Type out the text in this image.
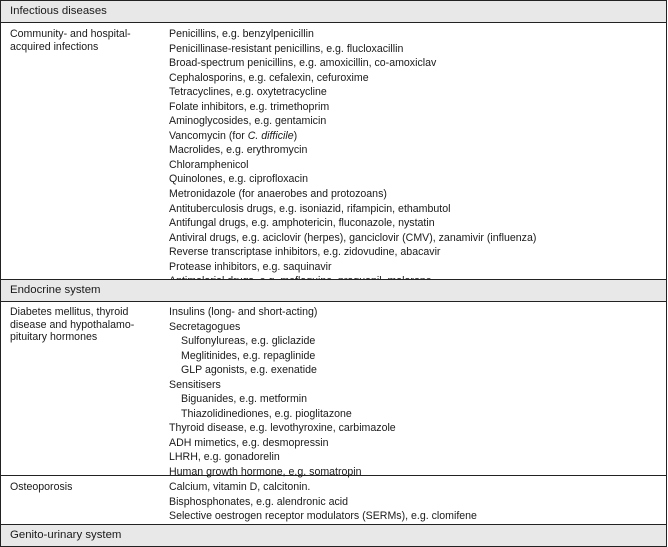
Infectious diseases
Community- and hospital-acquired infections
Penicillins, e.g. benzylpenicillin
Penicillinase-resistant penicillins, e.g. flucloxacillin
Broad-spectrum penicillins, e.g. amoxicillin, co-amoxiclav
Cephalosporins, e.g. cefalexin, cefuroxime
Tetracyclines, e.g. oxytetracycline
Folate inhibitors, e.g. trimethoprim
Aminoglycosides, e.g. gentamicin
Vancomycin (for C. difficile)
Macrolides, e.g. erythromycin
Chloramphenicol
Quinolones, e.g. ciprofloxacin
Metronidazole (for anaerobes and protozoans)
Antituberculosis drugs, e.g. isoniazid, rifampicin, ethambutol
Antifungal drugs, e.g. amphotericin, fluconazole, nystatin
Antiviral drugs, e.g. aciclovir (herpes), ganciclovir (CMV), zanamivir (influenza)
Reverse transcriptase inhibitors, e.g. zidovudine, abacavir
Protease inhibitors, e.g. saquinavir
Endocrine system
Diabetes mellitus, thyroid disease and hypothalamo-pituitary hormones
Insulins (long- and short-acting)
Secretagogues
Sulfonylureas, e.g. gliclazide
Meglitinides, e.g. repaglinide
GLP agonists, e.g. exenatide
Sensitisers
Biguanides, e.g. metformin
Thiazolidinediones, e.g. pioglitazone
Thyroid disease, e.g. levothyroxine, carbimazole
ADH mimetics, e.g. desmopressin
LHRH, e.g. gonadorelin
Human growth hormone, e.g. somatropin
Osteoporosis	Calcium, vitamin D, calcitonin.
Bisphosphonates, e.g. alendronic acid
Selective oestrogen receptor modulators (SERMs), e.g. clomifene
Genito-urinary system
